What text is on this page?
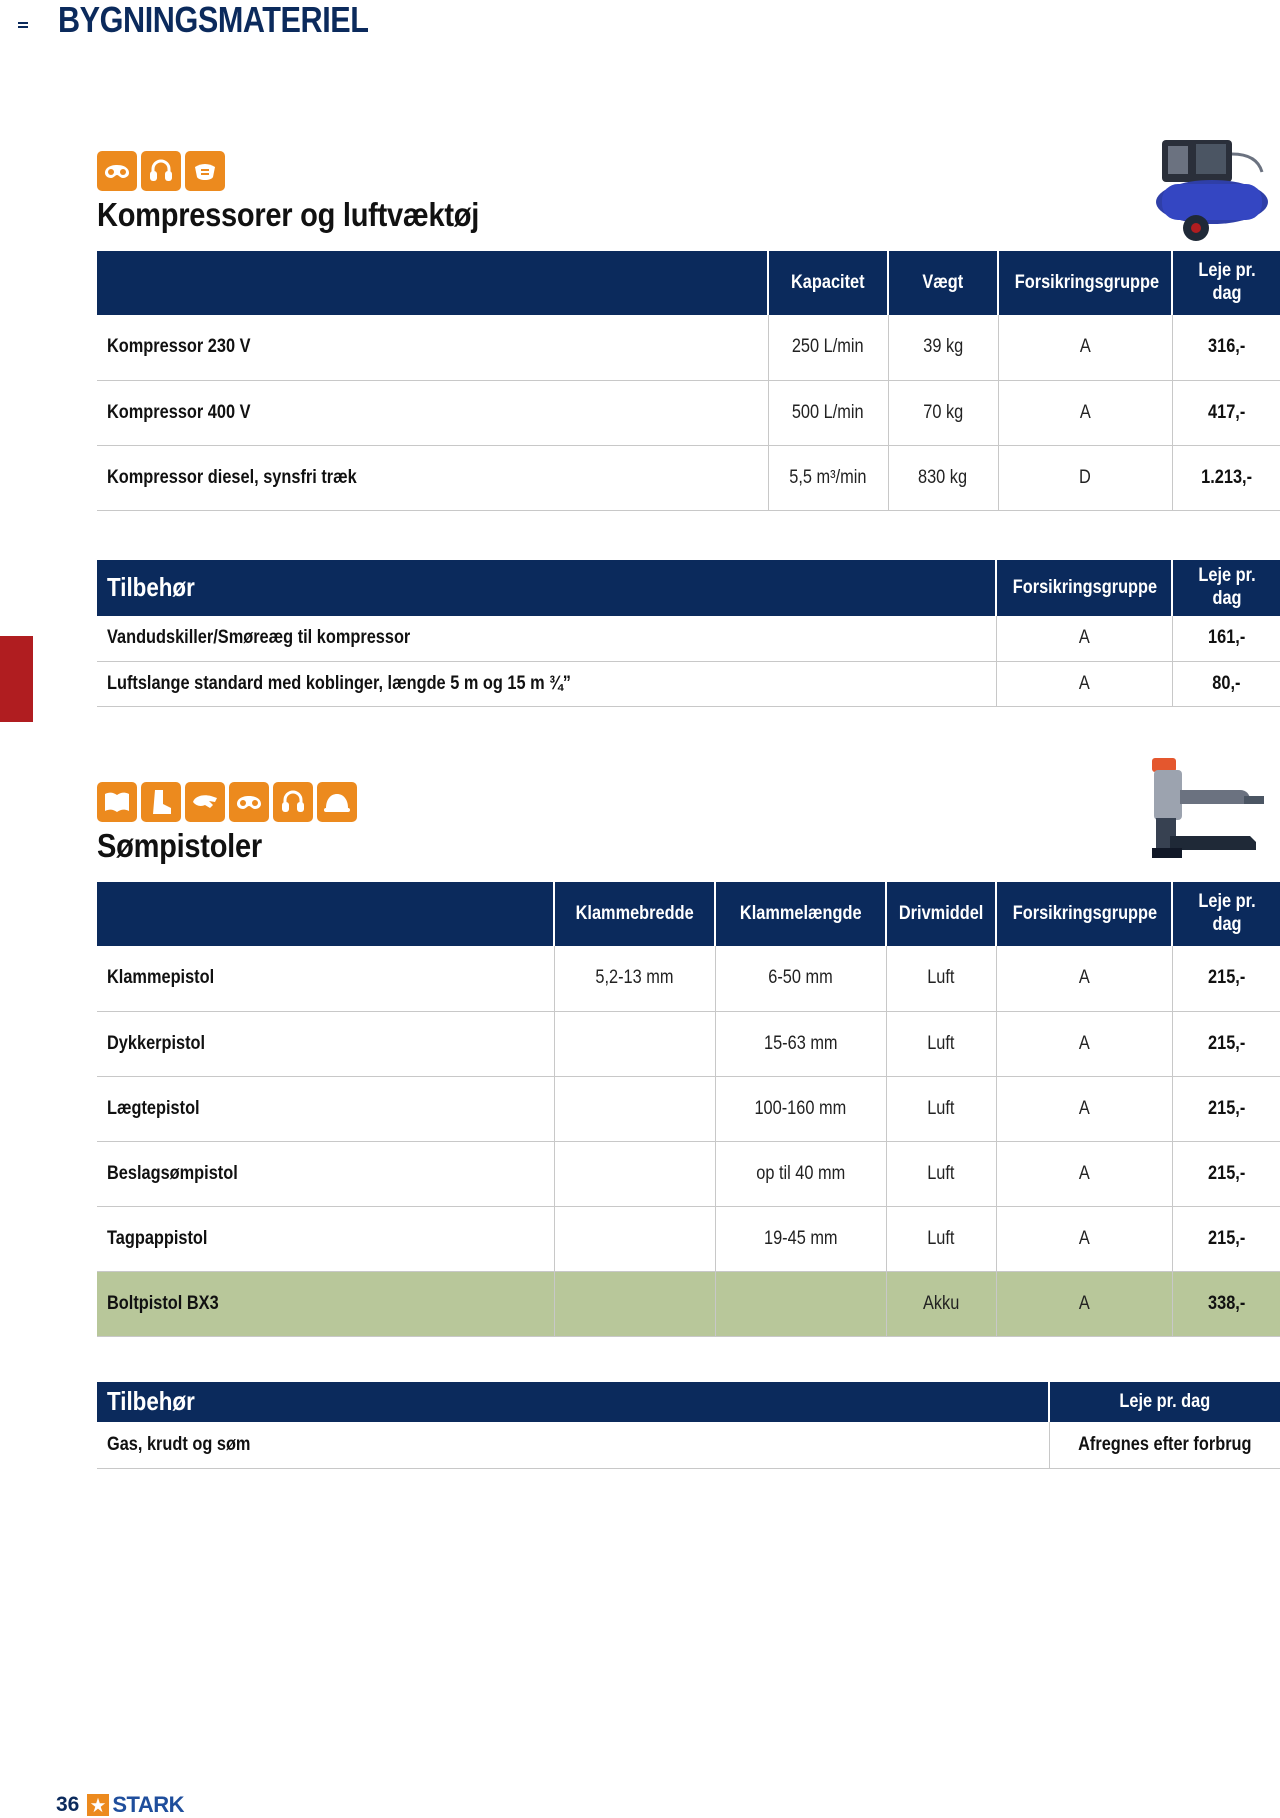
BYGNINGSMATERIEL
Kompressorer og luftvæktøj
	Kapacitet	Vægt	Forsikringsgruppe	Leje pr. dag
Kompressor 230 V	250 L/min	39 kg	A	316,-
Kompressor 400 V	500 L/min	70 kg	A	417,-
Kompressor diesel, synsfri træk	5,5 m³/min	830 kg	D	1.213,-
Tilbehør	Forsikringsgruppe	Leje pr. dag
Vandudskiller/Smøreæg til kompressor	A	161,-
Luftslange standard med koblinger, længde 5 m og 15 m ¾”	A	80,-
Sømpistoler
	Klammebredde	Klammelængde	Drivmiddel	Forsikringsgruppe	Leje pr. dag
Klammepistol	5,2-13 mm	6-50 mm	Luft	A	215,-
Dykkerpistol		15-63 mm	Luft	A	215,-
Lægtepistol		100-160 mm	Luft	A	215,-
Beslagsømpistol		op til 40 mm	Luft	A	215,-
Tagpappistol		19-45 mm	Luft	A	215,-
Boltpistol BX3			Akku	A	338,-
Tilbehør	Leje pr. dag
Gas, krudt og søm	Afregnes efter forbrug
36 STARK
